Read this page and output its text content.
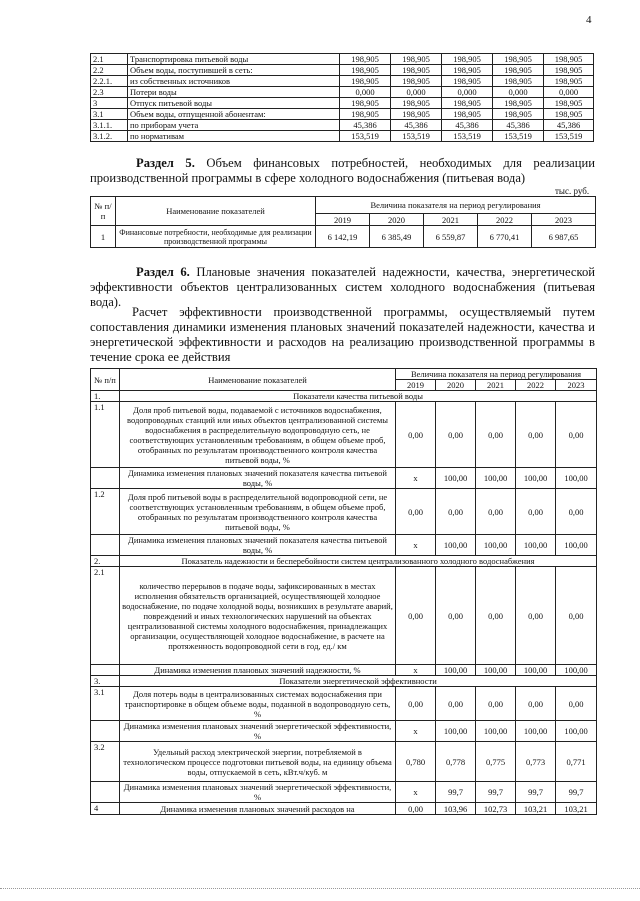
4
2.1	Транспортировка питьевой воды	198,905	198,905	198,905	198,905	198,905
2.2	Объем воды, поступившей в сеть:	198,905	198,905	198,905	198,905	198,905
2.2.1.	из собственных источников	198,905	198,905	198,905	198,905	198,905
2.3	Потери воды	0,000	0,000	0,000	0,000	0,000
3	Отпуск питьевой воды	198,905	198,905	198,905	198,905	198,905
3.1	Объем воды, отпущенной абонентам:	198,905	198,905	198,905	198,905	198,905
3.1.1.	по приборам учета	45,386	45,386	45,386	45,386	45,386
3.1.2.	по нормативам	153,519	153,519	153,519	153,519	153,519
Раздел 5. Объем финансовых потребностей, необходимых для реализации производственной программы в сфере холодного водоснабжения (питьевая вода)
тыс. руб.
№ п/п	Наименование показателей	Величина показателя на период регулирования				
		2019	2020	2021	2022	2023
1	Финансовые потребности, необходимые для реализации производственной программы	6 142,19	6 385,49	6 559,87	6 770,41	6 987,65
Раздел 6. Плановые значения показателей надежности, качества, энергетической эффективности объектов централизованных систем холодного водоснабжения (питьевая вода).
Расчет эффективности производственной программы, осуществляемый путем сопоставления динамики изменения плановых значений показателей надежности, качества и энергетической эффективности и расходов на реализацию производственной программы в течение срока ее действия
№ п/п	Наименование показателей	Величина показателя на период регулирования				
		2019	2020	2021	2022	2023
1.	Показатели качества питьевой воды					
1.1	Доля проб питьевой воды, подаваемой с источников водоснабжения, водопроводных станций или иных объектов централизованной системы водоснабжения в распределительную водопроводную сеть, не соответствующих установленным требованиям, в общем объеме проб, отобранных по результатам производственного контроля качества питьевой воды, %	0,00	0,00	0,00	0,00	0,00
	Динамика изменения плановых значений показателя качества питьевой воды, %	х	100,00	100,00	100,00	100,00
1.2	Доля проб питьевой воды в распределительной водопроводной сети, не соответствующих установленным требованиям, в общем объеме проб, отобранных по результатам производственного контроля качества питьевой воды, %	0,00	0,00	0,00	0,00	0,00
	Динамика изменения плановых значений показателя качества питьевой воды, %	х	100,00	100,00	100,00	100,00
2.	Показатель надежности и бесперебойности систем централизованного холодного водоснабжения					
2.1	количество перерывов в подаче воды, зафиксированных в местах исполнения обязательств организацией, осуществляющей холодное водоснабжение, по подаче холодной воды, возникших в результате аварий, повреждений и иных технологических нарушений на объектах централизованной системы холодного водоснабжения, принадлежащих организации, осуществляющей холодное водоснабжение, в расчете на протяженность водопроводной сети в год, ед./ км	0,00	0,00	0,00	0,00	0,00
	Динамика изменения плановых значений надежности, %	х	100,00	100,00	100,00	100,00
3.	Показатели энергетической эффективности					
3.1	Доля потерь воды в централизованных системах водоснабжения при транспортировке в общем объеме воды, поданной в водопроводную сеть, %	0,00	0,00	0,00	0,00	0,00
	Динамика изменения плановых значений энергетической эффективности, %	х	100,00	100,00	100,00	100,00
3.2	Удельный расход электрической энергии, потребляемой в технологическом процессе подготовки питьевой воды, на единицу объема воды, отпускаемой в сеть, кВт.ч/куб. м	0,780	0,778	0,775	0,773	0,771
	Динамика изменения плановых значений энергетической эффективности, %	х	99,7	99,7	99,7	99,7
4	Динамика изменения плановых значений расходов на	0,00	103,96	102,73	103,21	103,21
